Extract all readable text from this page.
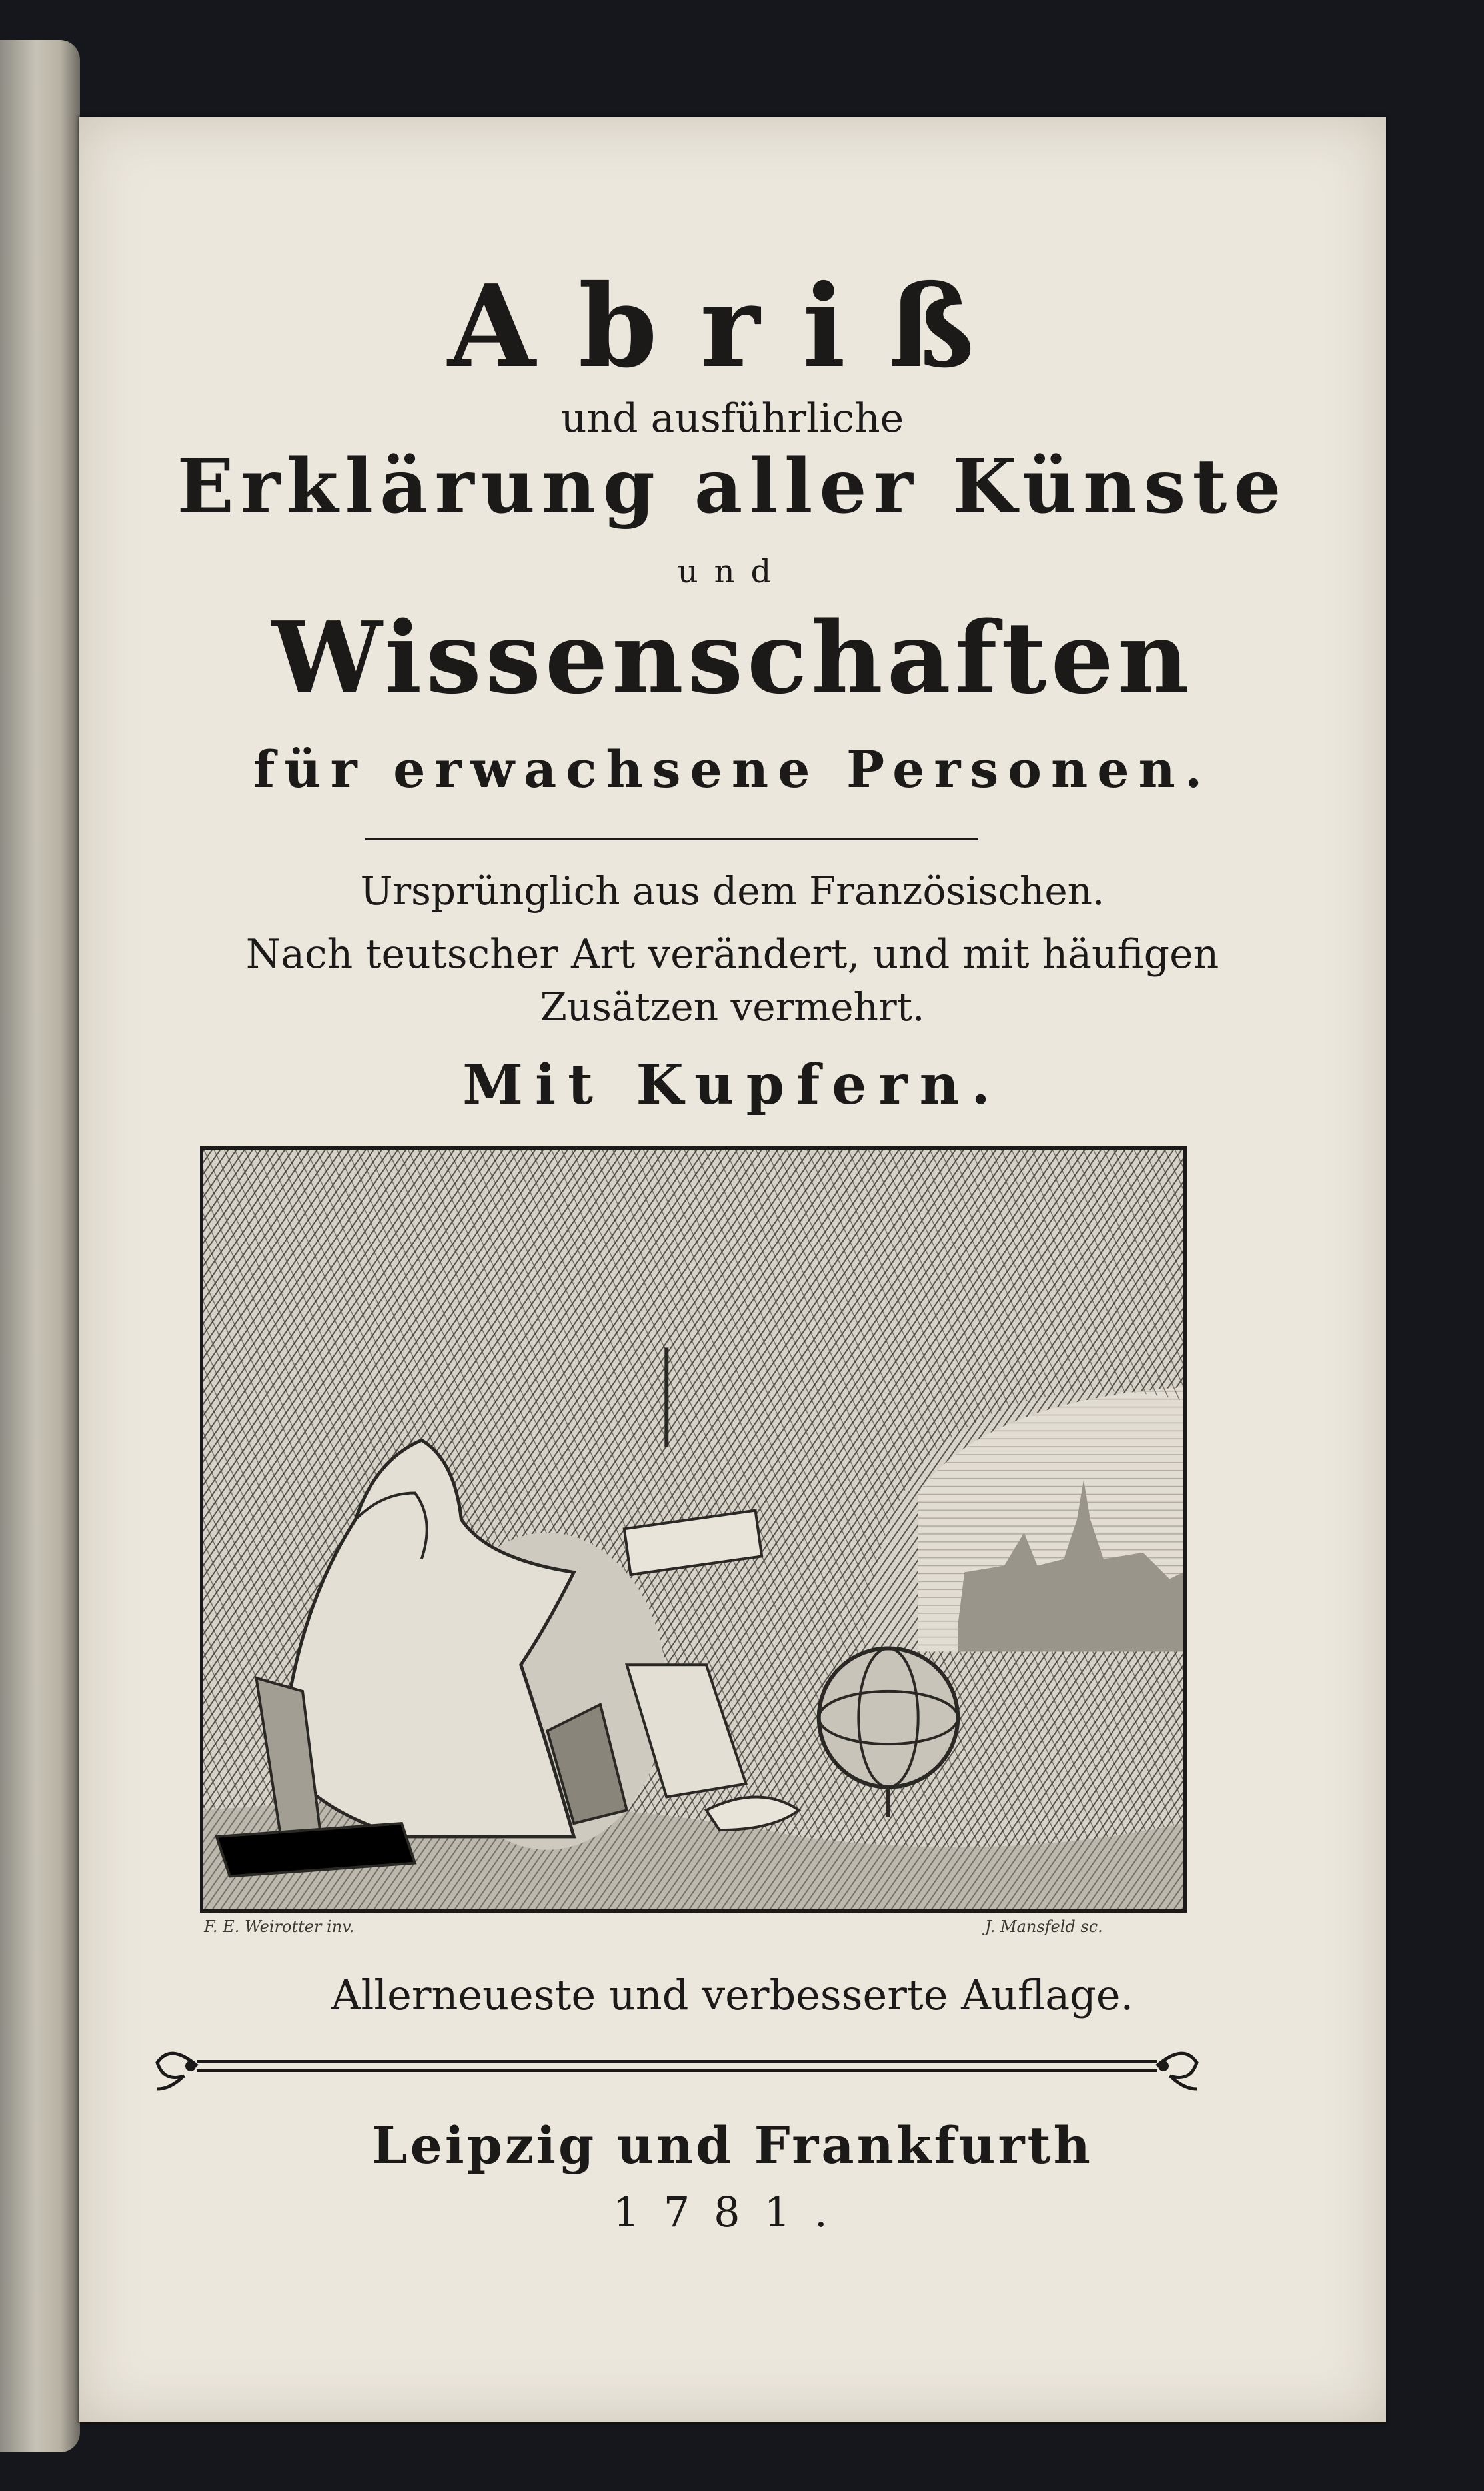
Abriß
und ausführliche
Erklärung aller Künste
und
Wissenschaften
für erwachsene Personen.
Ursprünglich aus dem Französischen.
Nach teutscher Art verändert, und mit häufigen
Zusätzen vermehrt.
Mit Kupfern.
F. E. Weirotter inv.	J. Mansfeld sc.
Allerneueste und verbesserte Auflage.
Leipzig und Frankfurth
1781.
